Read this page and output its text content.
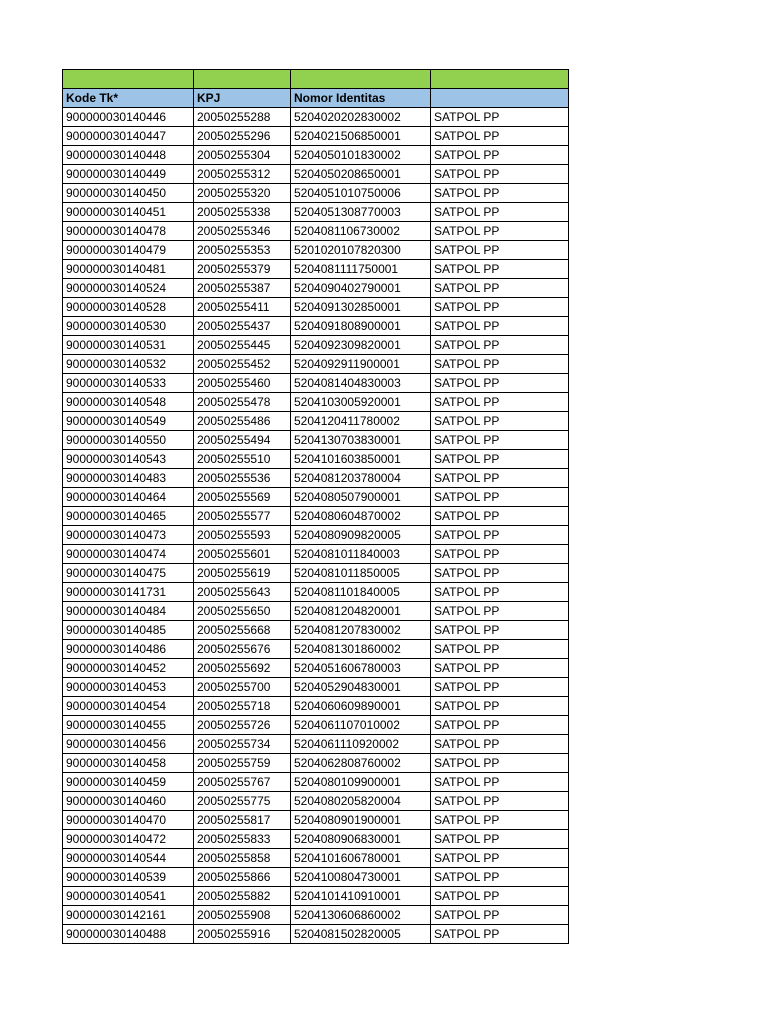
Kode Tk*	KPJ	Nomor Identitas	
900000030140446	20050255288	5204020202830002	SATPOL PP
900000030140447	20050255296	5204021506850001	SATPOL PP
900000030140448	20050255304	5204050101830002	SATPOL PP
900000030140449	20050255312	5204050208650001	SATPOL PP
900000030140450	20050255320	5204051010750006	SATPOL PP
900000030140451	20050255338	5204051308770003	SATPOL PP
900000030140478	20050255346	5204081106730002	SATPOL PP
900000030140479	20050255353	5201020107820300	SATPOL PP
900000030140481	20050255379	5204081111750001	SATPOL PP
900000030140524	20050255387	5204090402790001	SATPOL PP
900000030140528	20050255411	5204091302850001	SATPOL PP
900000030140530	20050255437	5204091808900001	SATPOL PP
900000030140531	20050255445	5204092309820001	SATPOL PP
900000030140532	20050255452	5204092911900001	SATPOL PP
900000030140533	20050255460	5204081404830003	SATPOL PP
900000030140548	20050255478	5204103005920001	SATPOL PP
900000030140549	20050255486	5204120411780002	SATPOL PP
900000030140550	20050255494	5204130703830001	SATPOL PP
900000030140543	20050255510	5204101603850001	SATPOL PP
900000030140483	20050255536	5204081203780004	SATPOL PP
900000030140464	20050255569	5204080507900001	SATPOL PP
900000030140465	20050255577	5204080604870002	SATPOL PP
900000030140473	20050255593	5204080909820005	SATPOL PP
900000030140474	20050255601	5204081011840003	SATPOL PP
900000030140475	20050255619	5204081011850005	SATPOL PP
900000030141731	20050255643	5204081101840005	SATPOL PP
900000030140484	20050255650	5204081204820001	SATPOL PP
900000030140485	20050255668	5204081207830002	SATPOL PP
900000030140486	20050255676	5204081301860002	SATPOL PP
900000030140452	20050255692	5204051606780003	SATPOL PP
900000030140453	20050255700	5204052904830001	SATPOL PP
900000030140454	20050255718	5204060609890001	SATPOL PP
900000030140455	20050255726	5204061107010002	SATPOL PP
900000030140456	20050255734	5204061110920002	SATPOL PP
900000030140458	20050255759	5204062808760002	SATPOL PP
900000030140459	20050255767	5204080109900001	SATPOL PP
900000030140460	20050255775	5204080205820004	SATPOL PP
900000030140470	20050255817	5204080901900001	SATPOL PP
900000030140472	20050255833	5204080906830001	SATPOL PP
900000030140544	20050255858	5204101606780001	SATPOL PP
900000030140539	20050255866	5204100804730001	SATPOL PP
900000030140541	20050255882	5204101410910001	SATPOL PP
900000030142161	20050255908	5204130606860002	SATPOL PP
900000030140488	20050255916	5204081502820005	SATPOL PP
